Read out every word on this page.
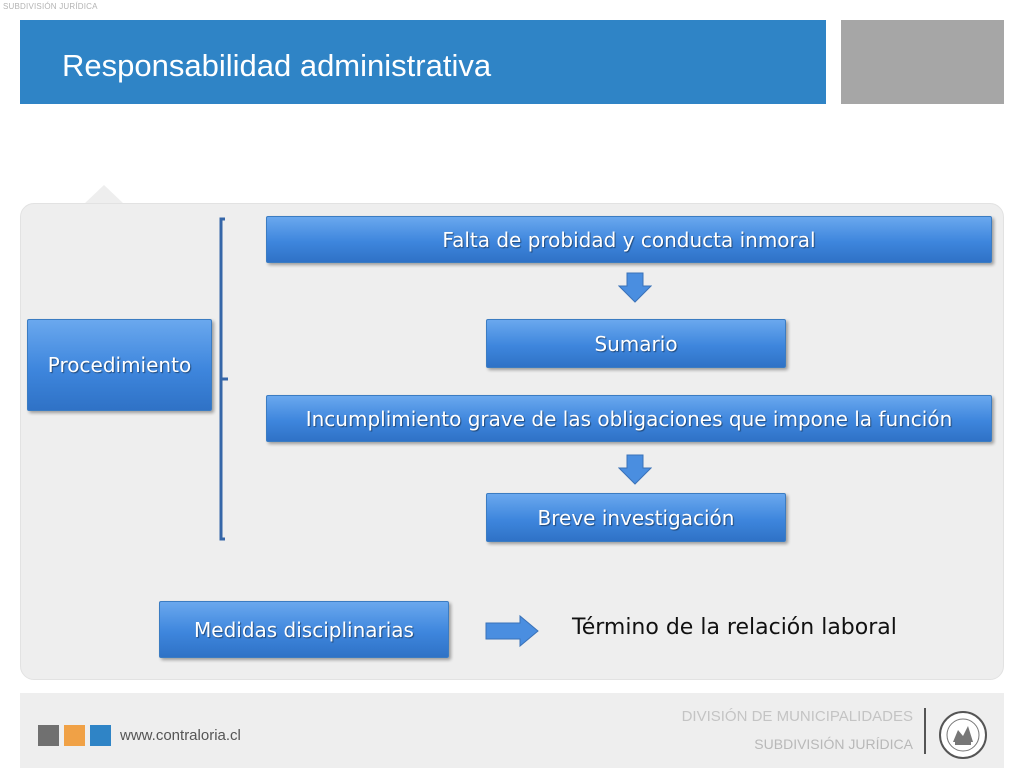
SUBDIVISIÓN JURÍDICA
Responsabilidad administrativa
Procedimiento
Falta de probidad y conducta inmoral
Sumario
Incumplimiento grave de las obligaciones que impone la función
Breve investigación
Medidas disciplinarias	Término de la relación laboral
www.contraloria.cl
DIVISIÓN DE MUNICIPALIDADES
SUBDIVISIÓN JURÍDICA
